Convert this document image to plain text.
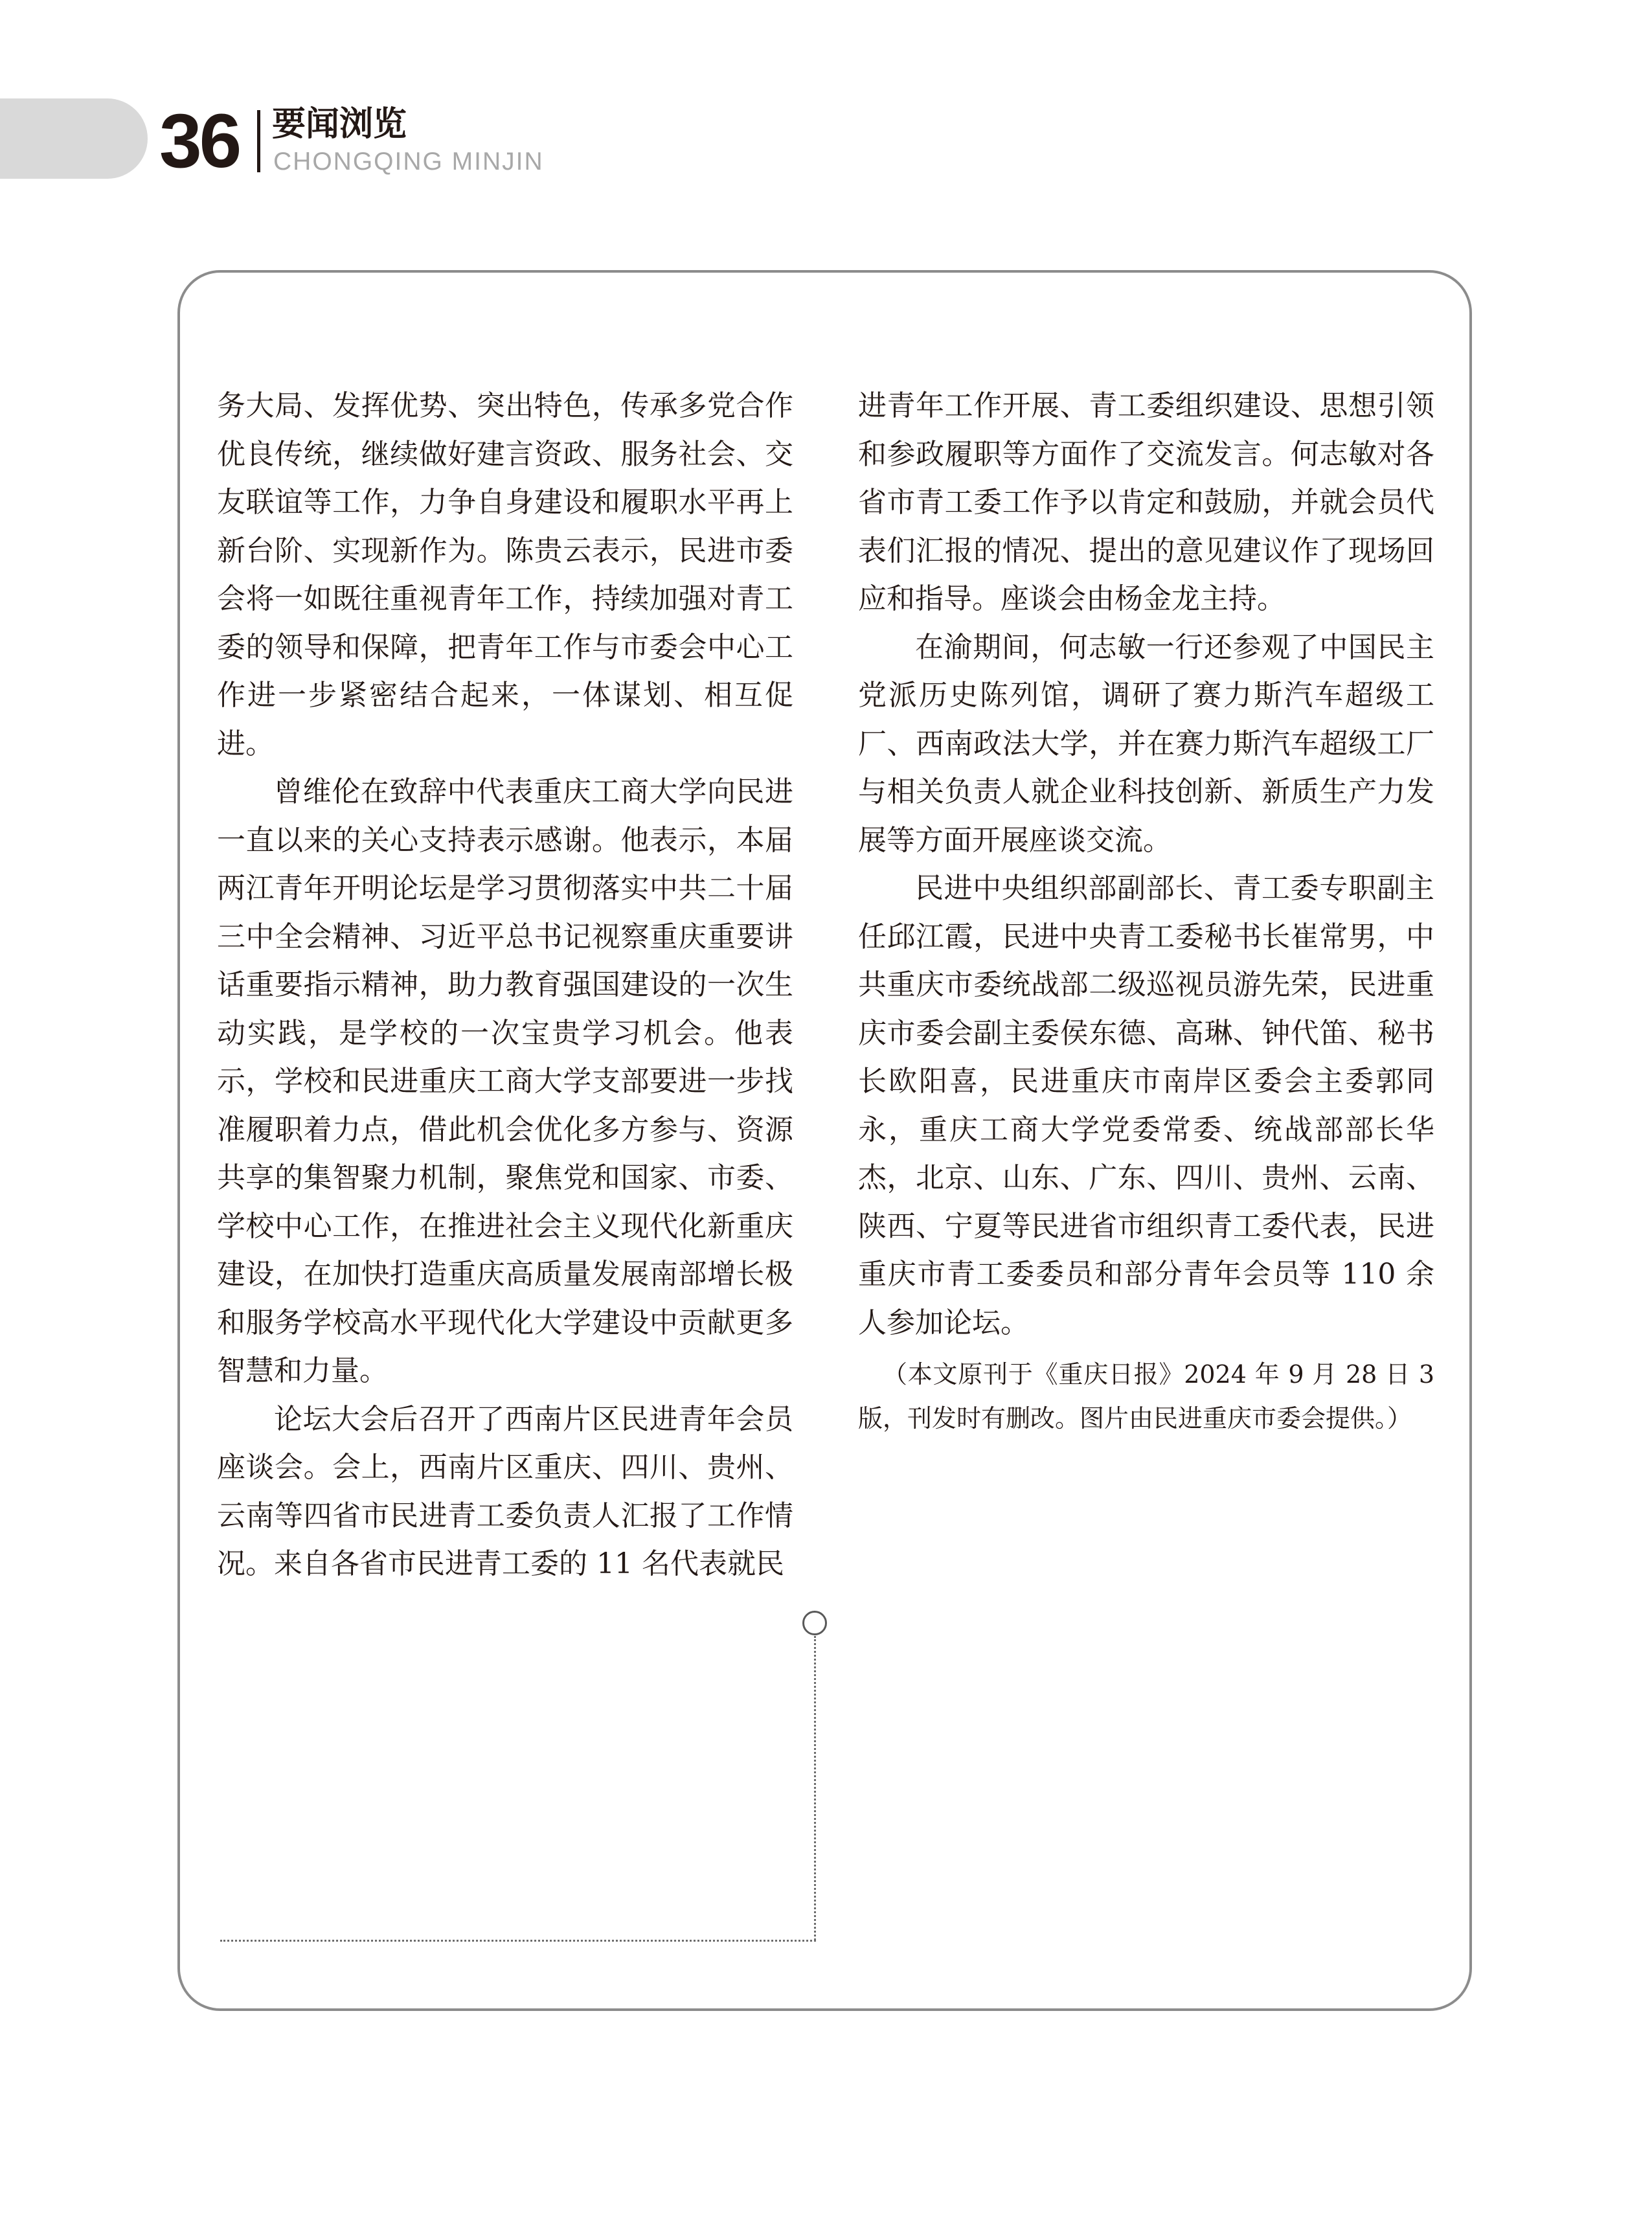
36 要闻浏览
CHONGQING MINJIN

务大局、发挥优势、突出特色，传承多党合作优良传统，继续做好建言资政、服务社会、交友联谊等工作，力争自身建设和履职水平再上新台阶、实现新作为。陈贵云表示，民进市委会将一如既往重视青年工作，持续加强对青工委的领导和保障，把青年工作与市委会中心工作进一步紧密结合起来，一体谋划、相互促进。

曾维伦在致辞中代表重庆工商大学向民进一直以来的关心支持表示感谢。他表示，本届两江青年开明论坛是学习贯彻落实中共二十届三中全会精神、习近平总书记视察重庆重要讲话重要指示精神，助力教育强国建设的一次生动实践，是学校的一次宝贵学习机会。他表示，学校和民进重庆工商大学支部要进一步找准履职着力点，借此机会优化多方参与、资源共享的集智聚力机制，聚焦党和国家、市委、学校中心工作，在推进社会主义现代化新重庆建设，在加快打造重庆高质量发展南部增长极和服务学校高水平现代化大学建设中贡献更多智慧和力量。

论坛大会后召开了西南片区民进青年会员座谈会。会上，西南片区重庆、四川、贵州、云南等四省市民进青工委负责人汇报了工作情况。来自各省市民进青工委的 11 名代表就民

进青年工作开展、青工委组织建设、思想引领和参政履职等方面作了交流发言。何志敏对各省市青工委工作予以肯定和鼓励，并就会员代表们汇报的情况、提出的意见建议作了现场回应和指导。座谈会由杨金龙主持。

在渝期间，何志敏一行还参观了中国民主党派历史陈列馆，调研了赛力斯汽车超级工厂、西南政法大学，并在赛力斯汽车超级工厂与相关负责人就企业科技创新、新质生产力发展等方面开展座谈交流。

民进中央组织部副部长、青工委专职副主任邱江霞，民进中央青工委秘书长崔常男，中共重庆市委统战部二级巡视员游先荣，民进重庆市委会副主委侯东德、高琳、钟代笛、秘书长欧阳喜，民进重庆市南岸区委会主委郭同永，重庆工商大学党委常委、统战部部长华杰，北京、山东、广东、四川、贵州、云南、陕西、宁夏等民进省市组织青工委代表，民进重庆市青工委委员和部分青年会员等 110 余人参加论坛。

（本文原刊于《重庆日报》2024 年 9 月 28 日 3 版，刊发时有删改。图片由民进重庆市委会提供。）
